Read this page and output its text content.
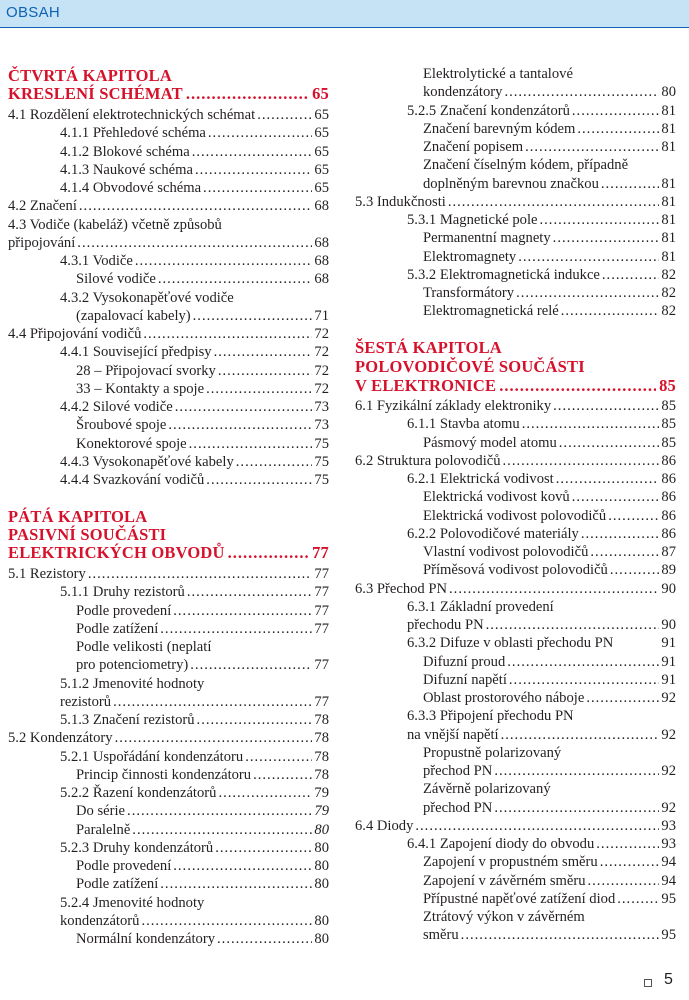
OBSAH
ČTVRTÁ KAPITOLA
KRESLENÍ SCHÉMAT .....	65
4.1 Rozdělení elektrotechnických schémat .....	65
4.1.1 Přehledové schéma .....	65
4.1.2 Blokové schéma .....	65
4.1.3 Naukové schéma .....	65
4.1.4 Obvodové schéma .....	65
4.2 Značení .....	68
4.3 Vodiče (kabeláž) včetně způsobů
připojování .....	68
4.3.1 Vodiče .....	68
Silové vodiče .....	68
4.3.2 Vysokonapěťové vodiče
(zapalovací kabely) .....	71
4.4 Připojování vodičů .....	72
4.4.1 Související předpisy .....	72
28 – Připojovací svorky .....	72
33 – Kontakty a spoje .....	72
4.4.2 Silové vodiče .....	73
Šroubové spoje .....	73
Konektorové spoje .....	75
4.4.3 Vysokonapěťové kabely .....	75
4.4.4 Svazkování vodičů .....	75
PÁTÁ KAPITOLA
PASIVNÍ SOUČÁSTI
ELEKTRICKÝCH OBVODŮ .....	77
5.1 Rezistory .....	77
5.1.1 Druhy rezistorů .....	77
Podle provedení .....	77
Podle zatížení .....	77
Podle velikosti (neplatí
pro potenciometry) .....	77
5.1.2 Jmenovité hodnoty
rezistorů .....	77
5.1.3 Značení rezistorů .....	78
5.2 Kondenzátory .....	78
5.2.1 Uspořádání kondenzátoru .....	78
Princip činnosti kondenzátoru .....	78
5.2.2 Řazení kondenzátorů .....	79
Do série .....	79
Paralelně .....	80
5.2.3 Druhy kondenzátorů .....	80
Podle provedení .....	80
Podle zatížení .....	80
5.2.4 Jmenovité hodnoty
kondenzátorů .....	80
Normální kondenzátory .....	80
Elektrolytické a tantalové
kondenzátory .....	80
5.2.5 Značení kondenzátorů .....	81
Značení barevným kódem .....	81
Značení popisem .....	81
Značení číselným kódem, případně
doplněným barevnou značkou .....	81
5.3 Indukčnosti .....	81
5.3.1 Magnetické pole .....	81
Permanentní magnety .....	81
Elektromagnety .....	81
5.3.2 Elektromagnetická indukce .....	82
Transformátory .....	82
Elektromagnetická relé .....	82
ŠESTÁ KAPITOLA
POLOVODIČOVÉ SOUČÁSTI
V ELEKTRONICE .....	85
6.1 Fyzikální základy elektroniky .....	85
6.1.1 Stavba atomu .....	85
Pásmový model atomu .....	85
6.2 Struktura polovodičů .....	86
6.2.1 Elektrická vodivost .....	86
Elektrická vodivost kovů .....	86
Elektrická vodivost polovodičů .....	86
6.2.2 Polovodičové materiály .....	86
Vlastní vodivost polovodičů .....	87
Příměsová vodivost polovodičů .....	89
6.3 Přechod PN .....	90
6.3.1 Základní provedení
přechodu PN .....	90
6.3.2 Difuze v oblasti přechodu PN	91
Difuzní proud .....	91
Difuzní napětí .....	91
Oblast prostorového náboje .....	92
6.3.3 Připojení přechodu PN
na vnější napětí .....	92
Propustně polarizovaný
přechod PN .....	92
Závěrně polarizovaný
přechod PN .....	92
6.4 Diody .....	93
6.4.1 Zapojení diody do obvodu .....	93
Zapojení v propustném směru .....	94
Zapojení v závěrném směru .....	94
Přípustné napěťové zatížení diod .....	95
Ztrátový výkon v závěrném
směru .....	95
5
